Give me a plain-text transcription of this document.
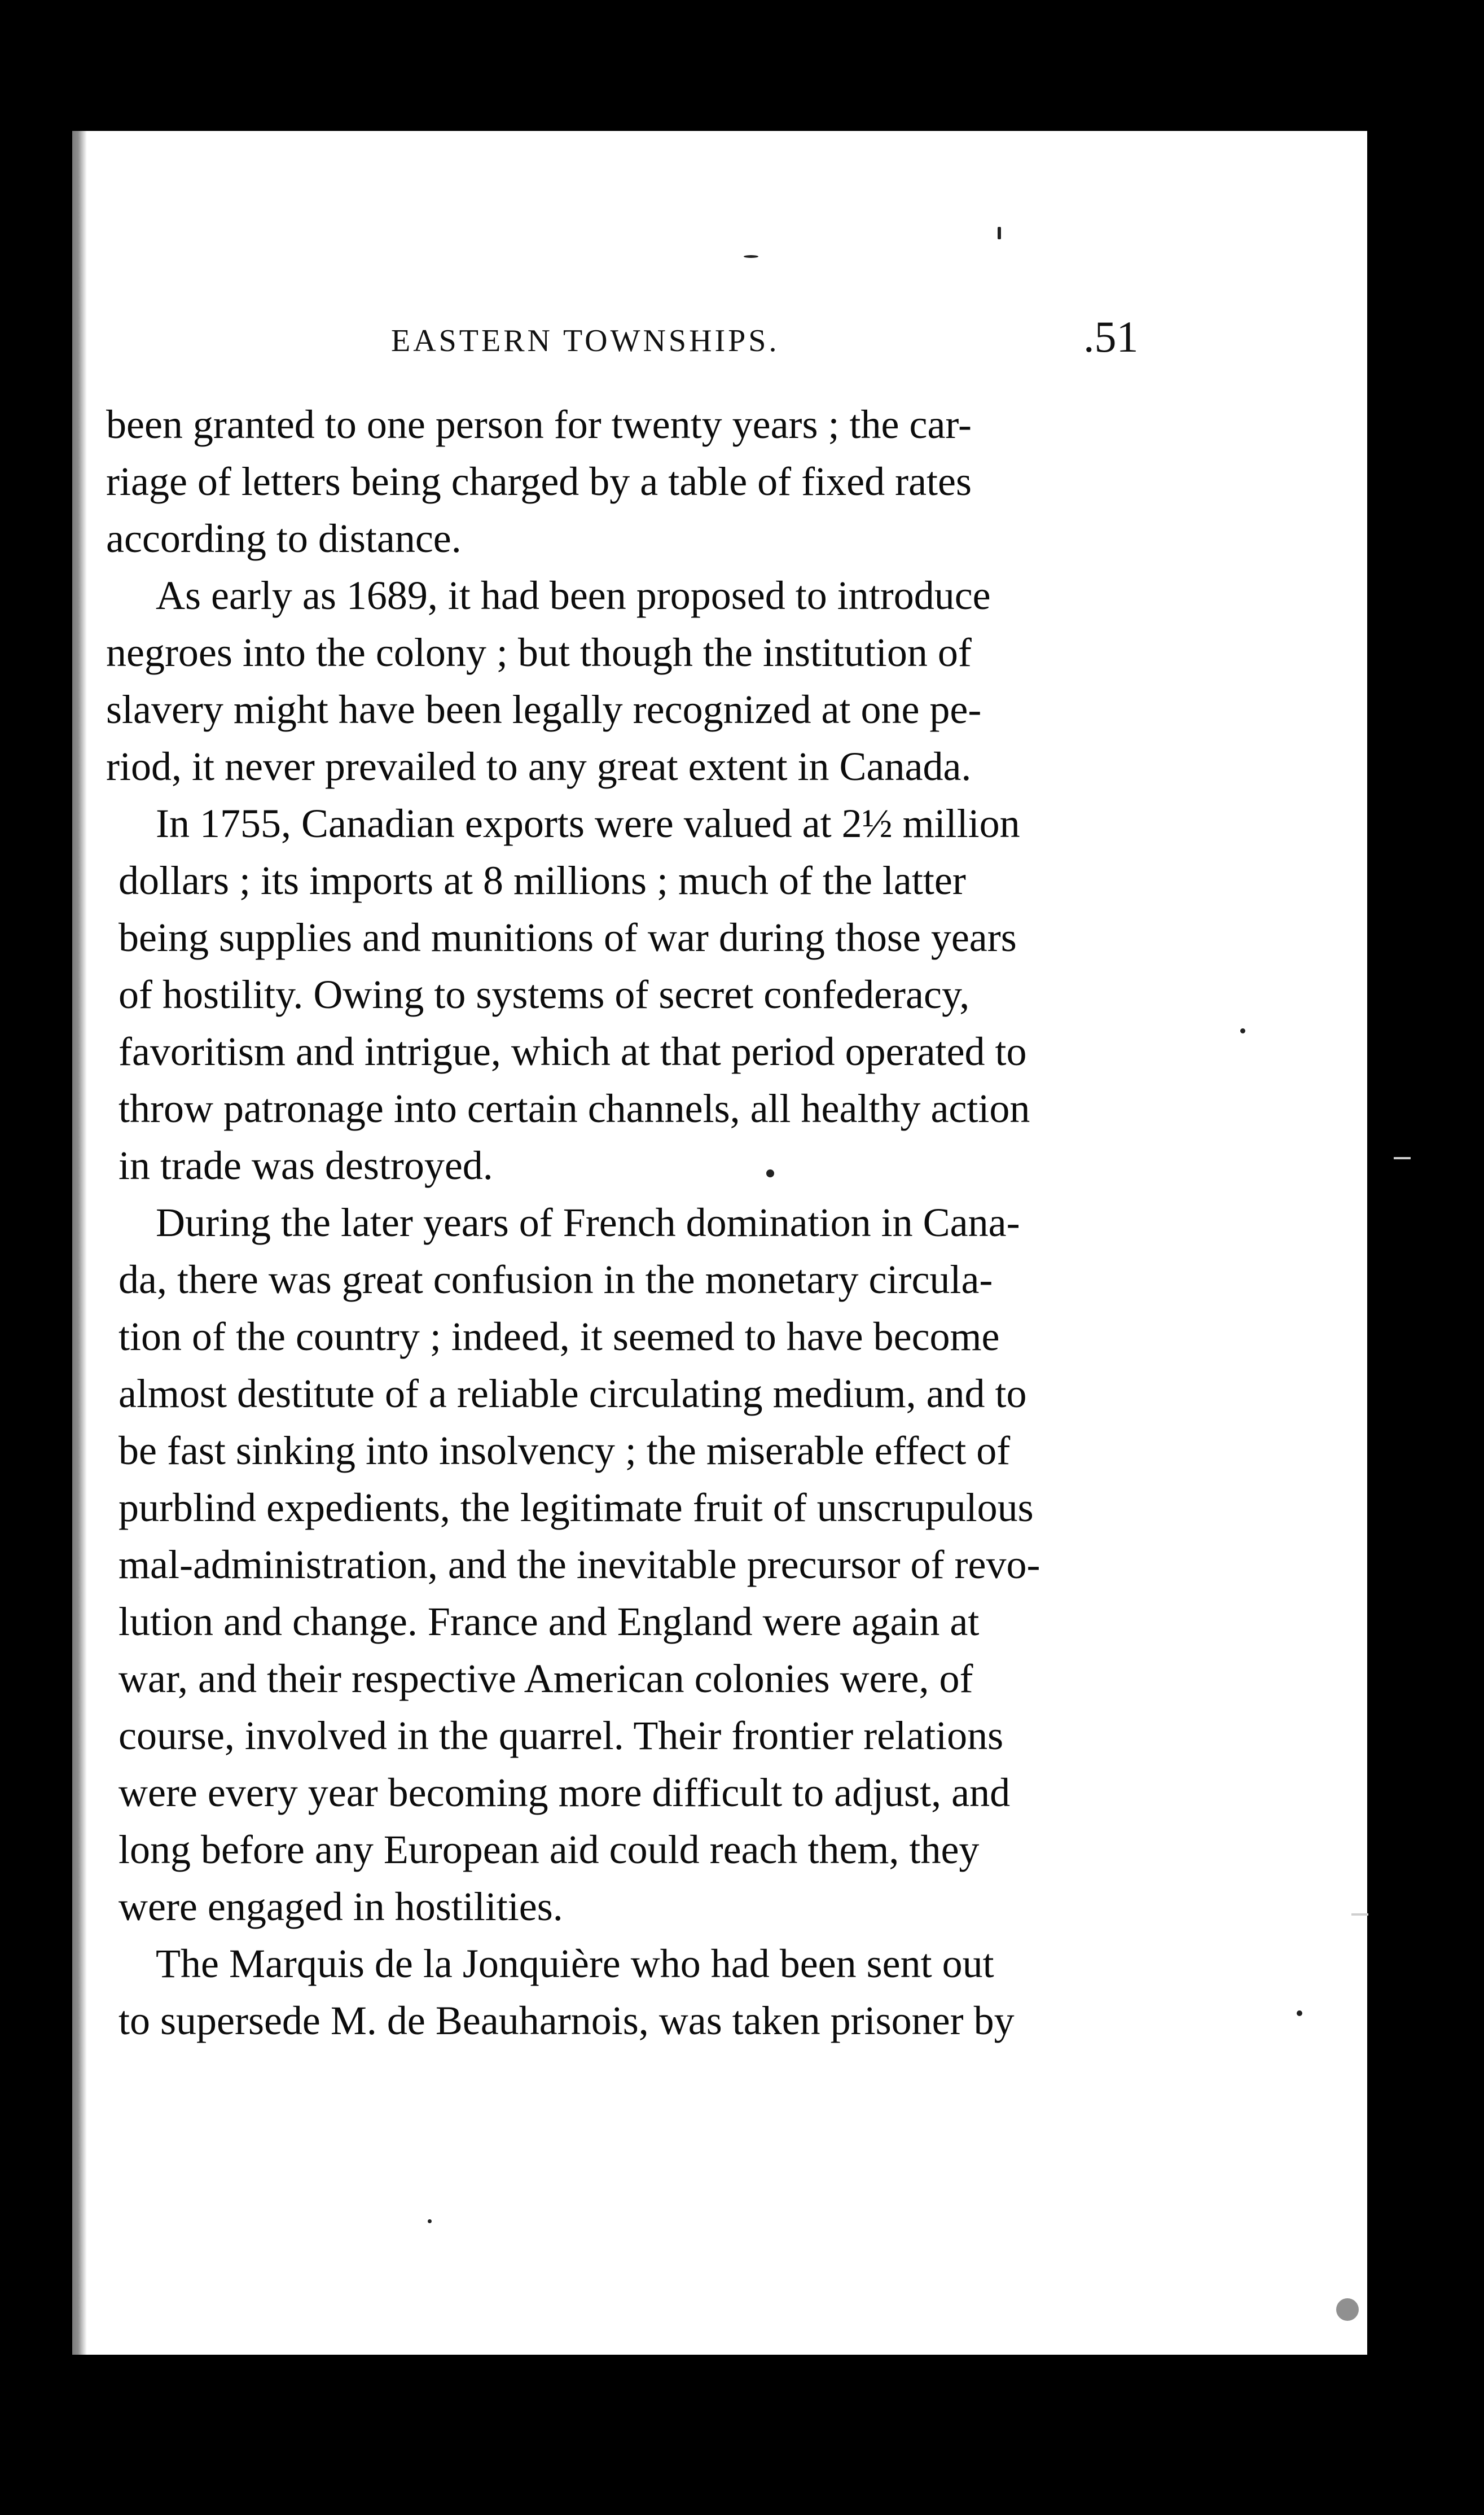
EASTERN TOWNSHIPS.	.51
been granted to one person for twenty years ; the car-
riage of letters being charged by a table of fixed rates
according to distance.
As early as 1689, it had been proposed to introduce
negroes into the colony ; but though the institution of
slavery might have been legally recognized at one pe-
riod, it never prevailed to any great extent in Canada.
In 1755, Canadian exports were valued at 2½ million
dollars ; its imports at 8 millions ; much of the latter
being supplies and munitions of war during those years
of hostility. Owing to systems of secret confederacy,
favoritism and intrigue, which at that period operated to
throw patronage into certain channels, all healthy action
in trade was destroyed.
During the later years of French domination in Cana-
da, there was great confusion in the monetary circula-
tion of the country ; indeed, it seemed to have become
almost destitute of a reliable circulating medium, and to
be fast sinking into insolvency ; the miserable effect of
purblind expedients, the legitimate fruit of unscrupulous
mal-administration, and the inevitable precursor of revo-
lution and change. France and England were again at
war, and their respective American colonies were, of
course, involved in the quarrel. Their frontier relations
were every year becoming more difficult to adjust, and
long before any European aid could reach them, they
were engaged in hostilities.
The Marquis de la Jonquière who had been sent out
to supersede M. de Beauharnois, was taken prisoner by
